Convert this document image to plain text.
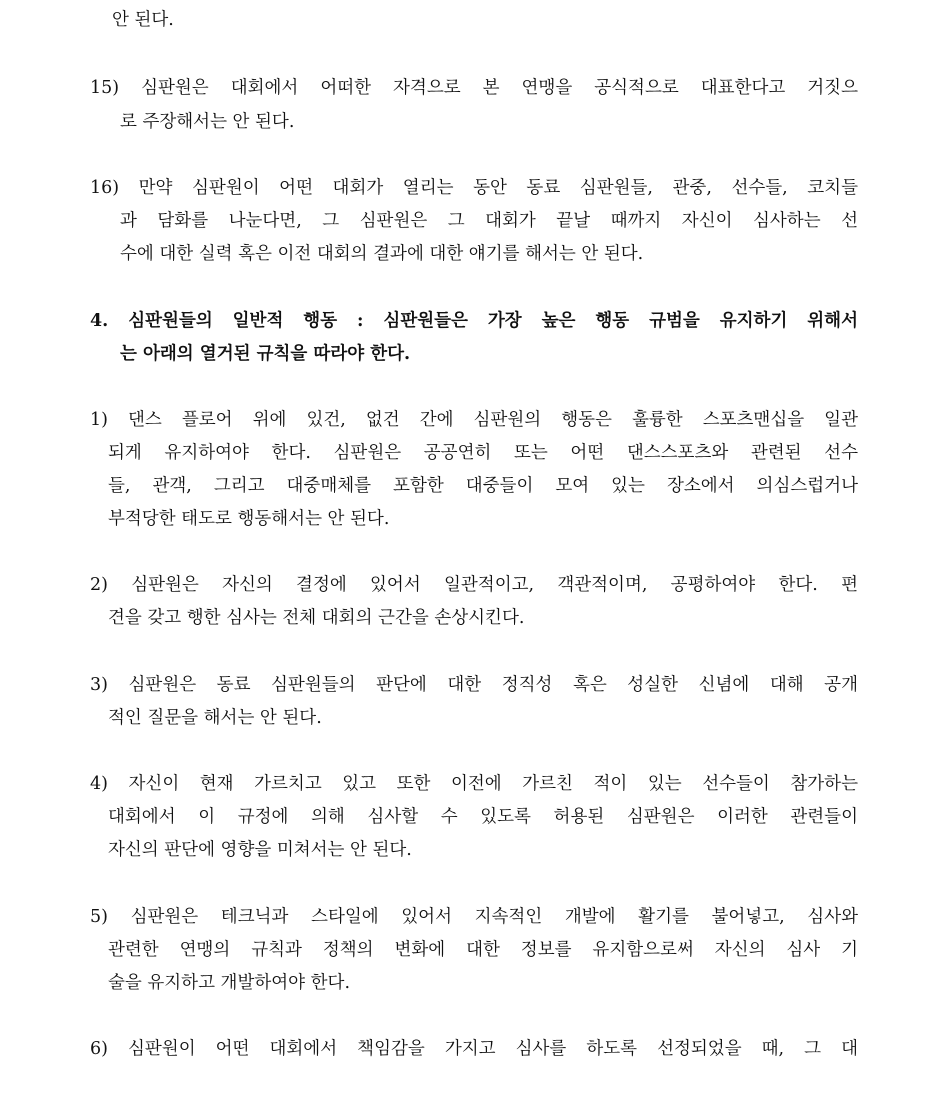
안 된다.
15) 심판원은 대회에서 어떠한 자격으로 본 연맹을 공식적으로 대표한다고 거짓으
로 주장해서는 안 된다.
16) 만약 심판원이 어떤 대회가 열리는 동안 동료 심판원들, 관중, 선수들, 코치들
과 담화를 나눈다면, 그 심판원은 그 대회가 끝날 때까지 자신이 심사하는 선
수에 대한 실력 혹은 이전 대회의 결과에 대한 얘기를 해서는 안 된다.
4. 심판원들의 일반적 행동 : 심판원들은 가장 높은 행동 규범을 유지하기 위해서
는 아래의 열거된 규칙을 따라야 한다.
1) 댄스 플로어 위에 있건, 없건 간에 심판원의 행동은 훌륭한 스포츠맨십을 일관
되게 유지하여야 한다. 심판원은 공공연히 또는 어떤 댄스스포츠와 관련된 선수
들, 관객, 그리고 대중매체를 포함한 대중들이 모여 있는 장소에서 의심스럽거나
부적당한 태도로 행동해서는 안 된다.
2) 심판원은 자신의 결정에 있어서 일관적이고, 객관적이며, 공평하여야 한다. 편
견을 갖고 행한 심사는 전체 대회의 근간을 손상시킨다.
3) 심판원은 동료 심판원들의 판단에 대한 정직성 혹은 성실한 신념에 대해 공개
적인 질문을 해서는 안 된다.
4) 자신이 현재 가르치고 있고 또한 이전에 가르친 적이 있는 선수들이 참가하는
대회에서 이 규정에 의해 심사할 수 있도록 허용된 심판원은 이러한 관련들이
자신의 판단에 영향을 미쳐서는 안 된다.
5) 심판원은 테크닉과 스타일에 있어서 지속적인 개발에 활기를 불어넣고, 심사와
관련한 연맹의 규칙과 정책의 변화에 대한 정보를 유지함으로써 자신의 심사 기
술을 유지하고 개발하여야 한다.
6) 심판원이 어떤 대회에서 책임감을 가지고 심사를 하도록 선정되었을 때, 그 대
